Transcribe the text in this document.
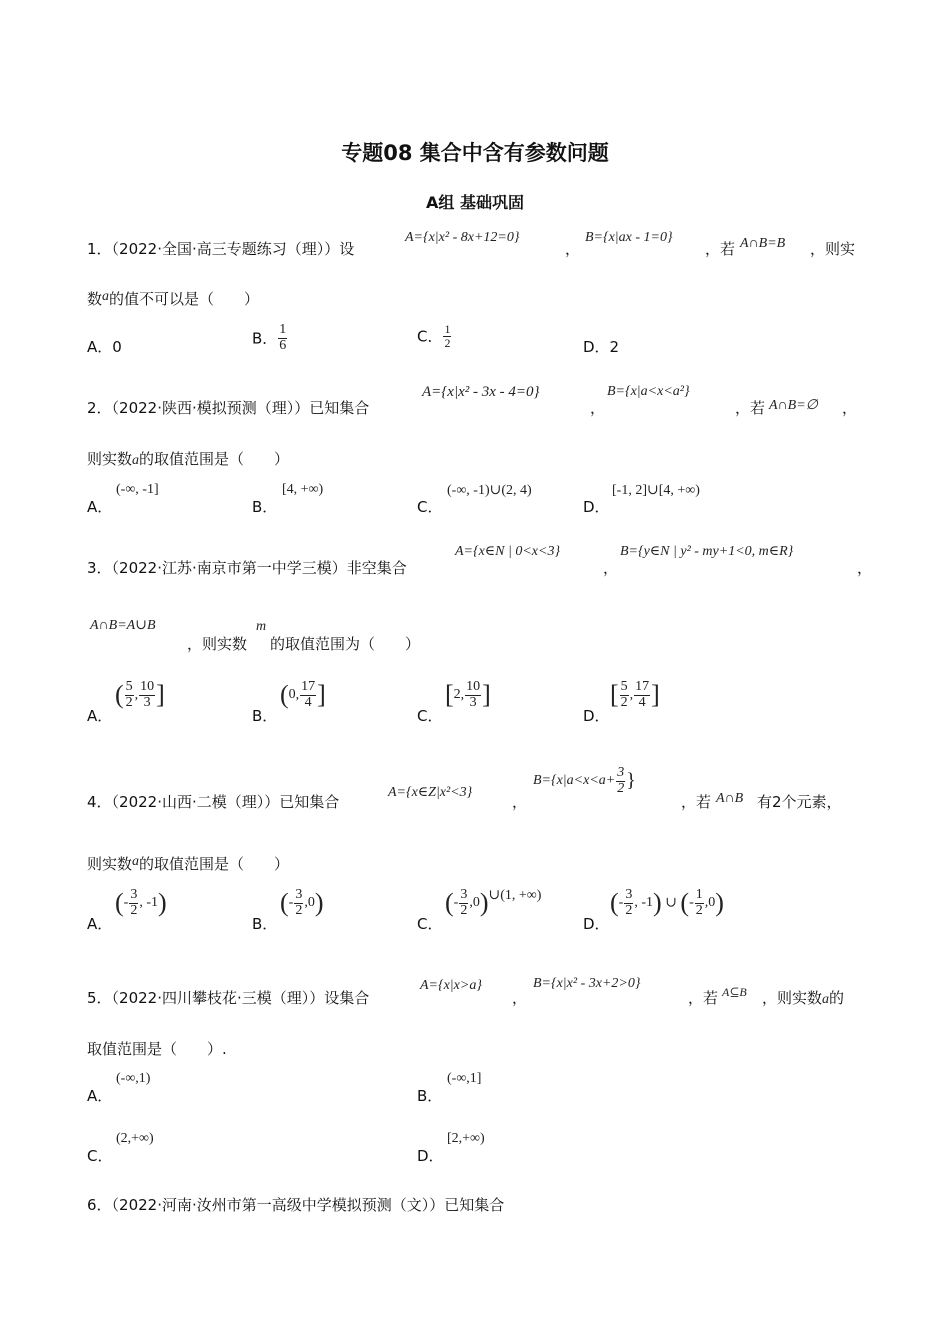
专题08 集合中含有参数问题
A组 基础巩固
1．（2022·全国·高三专题练习（理））设
A={x|x² - 8x+12=0}
，
B={x|ax - 1=0}
，若 A∩B=B ，则实
数a的值不可以是（　　）
A．0	B． $\frac{1}{6}$	C． $\frac{1}{2}$	D．2
2．（2022·陕西·模拟预测（理））已知集合
A={x|x² - 3x - 4=0}
，
B={x|a<x<a²}
，若 A∩B=∅ ，
则实数a的取值范围是（　　）
A．
(-∞, -1]
B．
[4, +∞)
C．
(-∞, -1)∪(2, 4)
D．
[-1, 2]∪[4, +∞)
3．（2022·江苏·南京市第一中学三模）非空集合
A={x∈N | 0<x<3}
，
B={y∈N | y² - my+1<0, m∈R}
，
A∩B=A∪B
，则实数
m
的取值范围为（　　）
A．
( $\frac{5}{2}$ , $\frac{10}{3}$ ]
B．
(0, $\frac{17}{4}$ ]
C．
[2, $\frac{10}{3}$ ]
D．
[ $\frac{5}{2}$ , $\frac{17}{4}$ ]
4．（2022·山西·二模（理））已知集合
A={x∈Z|x²<3}
，
$B=\{x|a<x<a+ \frac{3}{2}$ }
，若 A∩B 有2个元素，
则实数a的取值范围是（　　）
A．
(- $\frac{3}{2}$ , -1)
B．
(- $\frac{3}{2} ,0$)
C．
(- $\frac{3}{2}$ ,0)∪(1, +∞)
D．
(- $\frac{3}{2}$ , -1) ∪ (- $\frac{1}{2} ,0$)
5．（2022·四川攀枝花·三模（理））设集合
A={x|x>a}
，
B={x|x² - 3x+2>0}
，若 A⊆B ，则实数a的
取值范围是（　　）.
A．
(-∞,1)
B．
(-∞,1]
C．
(2,+∞)
D．
[2,+∞)
6．（2022·河南·汝州市第一高级中学模拟预测（文））已知集合
